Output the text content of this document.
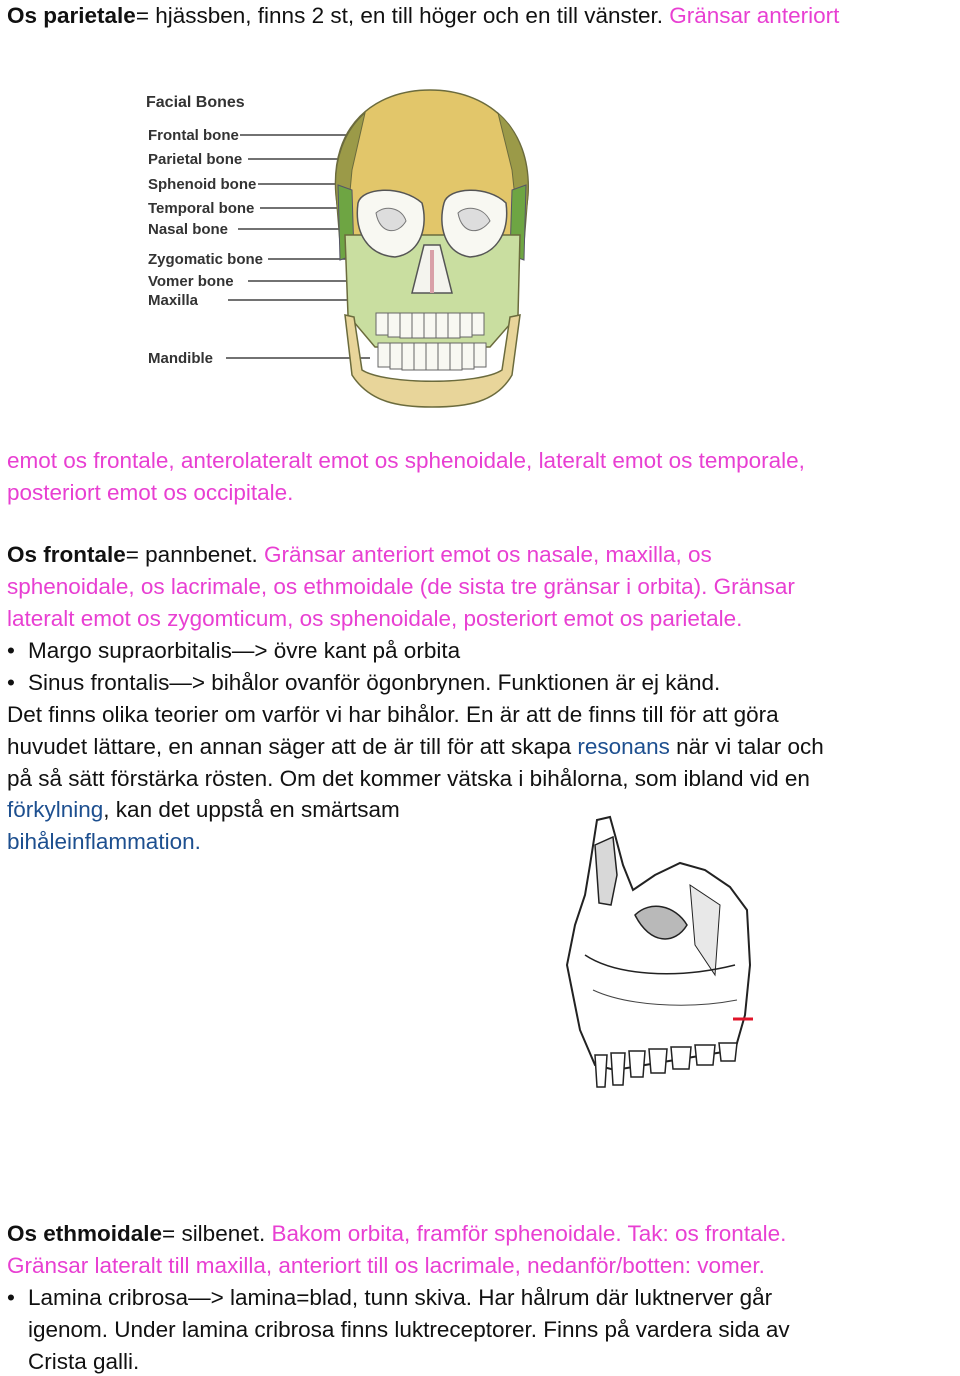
Os parietale= hjässben, finns 2 st, en till höger och en till vänster. Gränsar anteriort
Facial Bones
Frontal bone
Parietal bone
Sphenoid bone
Temporal bone
Nasal bone
Zygomatic bone
Vomer bone
Maxilla
Mandible
emot os frontale, anterolateralt emot os sphenoidale, lateralt emot os temporale,
posteriort emot os occipitale.
Os frontale= pannbenet. Gränsar anteriort emot os nasale, maxilla, os
sphenoidale, os lacrimale, os ethmoidale (de sista tre gränsar i orbita). Gränsar
lateralt emot os zygomticum, os sphenoidale, posteriort emot os parietale.
• Margo supraorbitalis—> övre kant på orbita
• Sinus frontalis—> bihålor ovanför ögonbrynen. Funktionen är ej känd.
Det finns olika teorier om varför vi har bihålor. En är att de finns till för att göra
huvudet lättare, en annan säger att de är till för att skapa resonans när vi talar och
på så sätt förstärka rösten. Om det kommer vätska i bihålorna, som ibland vid en
förkylning, kan det uppstå en smärtsam
bihåleinflammation.
Os ethmoidale= silbenet. Bakom orbita, framför sphenoidale. Tak: os frontale.
Gränsar lateralt till maxilla, anteriort till os lacrimale, nedanför/botten: vomer.
• Lamina cribrosa—> lamina=blad, tunn skiva. Har hålrum där luktnerver går
igenom. Under lamina cribrosa finns luktreceptorer. Finns på vardera sida av
Crista galli.
